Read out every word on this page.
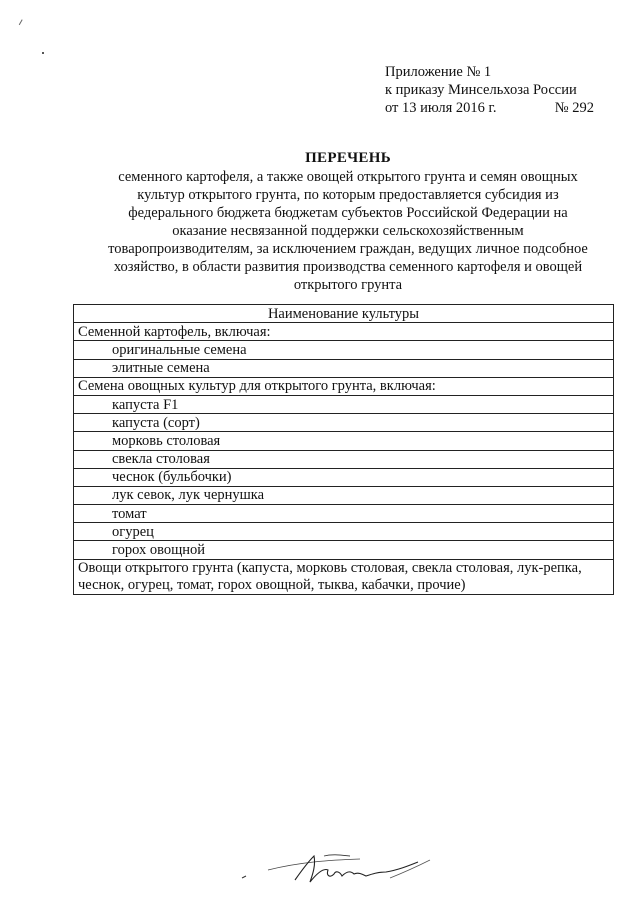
Приложение № 1
к приказу Минсельхоза России
от 13 июля 2016 г.	№ 292
ПЕРЕЧЕНЬ
семенного картофеля, а также овощей открытого грунта и семян овощных
культур открытого грунта, по которым предоставляется субсидия из
федерального бюджета бюджетам субъектов Российской Федерации на
оказание несвязанной поддержки сельскохозяйственным
товаропроизводителям, за исключением граждан, ведущих личное подсобное
хозяйство, в области развития производства семенного картофеля и овощей
открытого грунта
Наименование культуры
Семенной картофель, включая:
оригинальные семена
элитные семена
Семена овощных культур для открытого грунта, включая:
капуста F1
капуста (сорт)
морковь столовая
свекла столовая
чеснок (бульбочки)
лук севок, лук чернушка
томат
огурец
горох овощной
Овощи открытого грунта (капуста, морковь столовая, свекла столовая, лук-репка, чеснок, огурец, томат, горох овощной, тыква, кабачки, прочие)
